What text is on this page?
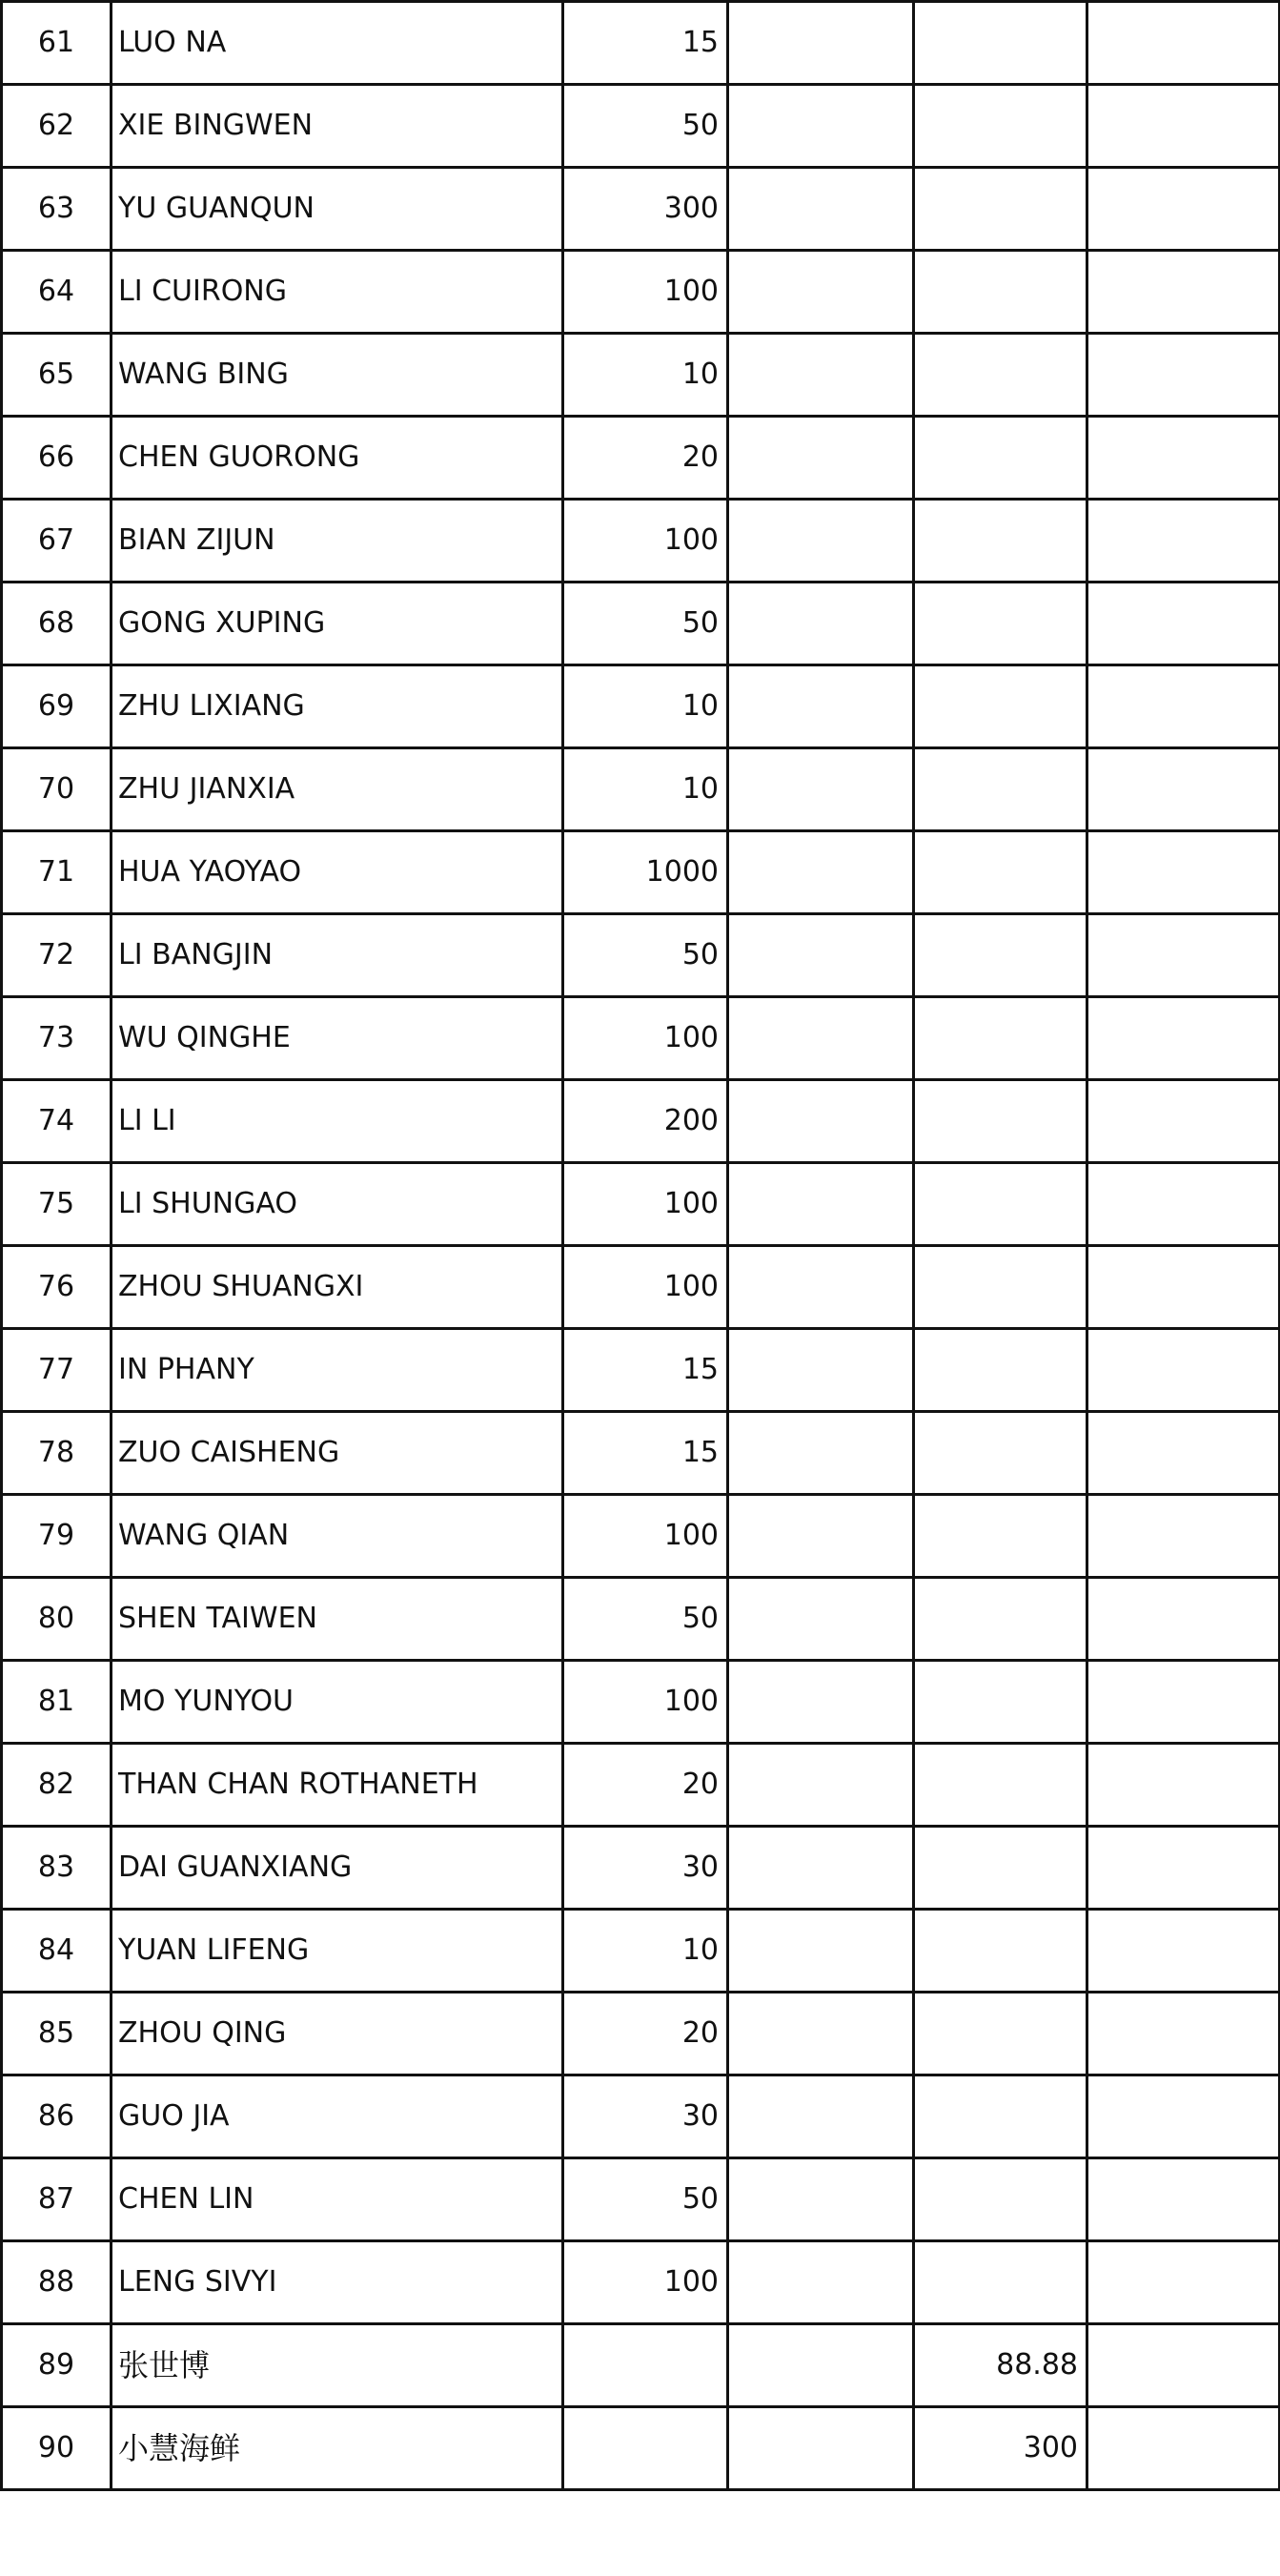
61	LUO NA	15			
62	XIE BINGWEN	50			
63	YU GUANQUN	300			
64	LI CUIRONG	100			
65	WANG BING	10			
66	CHEN GUORONG	20			
67	BIAN ZIJUN	100			
68	GONG XUPING	50			
69	ZHU LIXIANG	10			
70	ZHU JIANXIA	10			
71	HUA YAOYAO	1000			
72	LI BANGJIN	50			
73	WU QINGHE	100			
74	LI LI	200			
75	LI SHUNGAO	100			
76	ZHOU SHUANGXI	100			
77	IN PHANY	15			
78	ZUO CAISHENG	15			
79	WANG QIAN	100			
80	SHEN TAIWEN	50			
81	MO YUNYOU	100			
82	THAN CHAN ROTHANETH	20			
83	DAI GUANXIANG	30			
84	YUAN LIFENG	10			
85	ZHOU QING	20			
86	GUO JIA	30			
87	CHEN LIN	50			
88	LENG SIVYI	100			
89	张世博			88.88	
90	小慧海鲜			300	
